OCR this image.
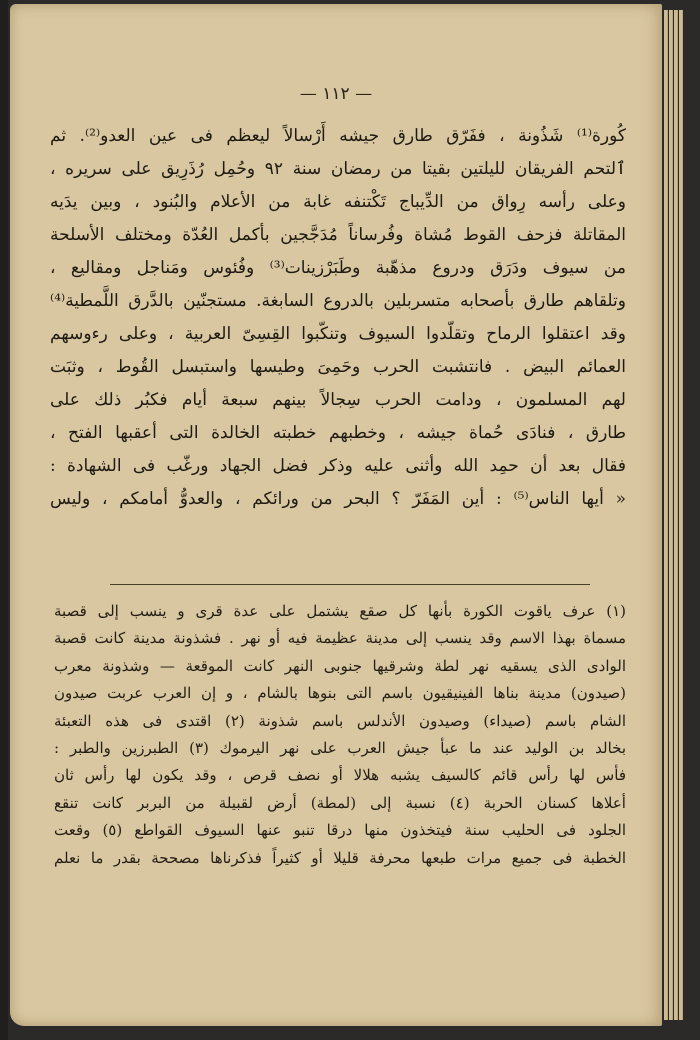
— ١١٢ —
كُورة⁽¹⁾ شَذُونة ، ففَرّق طارق جيشه أَرْسالاً ليعظم فى عين العدو⁽²⁾. ثم
ٱلتحم الفريقان لليلتين بقيتا من رمضان سنة ٩٢ وحُمِل رُذَرِيق على سريره ،
وعلى رأسه رِواق من الدِّيباج تَكْتنفه غابة من الأعلام والبُنود ، وبين يدَيه
المقاتلة فزحف القوط مُشاة وفُرساناً مُدَجَّجين بأكمل العُدّة ومختلف الأسلحة
من سيوف ودَرَق ودروع مذهّبة وطَبَرْزينات⁽³⁾ وفُئوس ومَناجل ومقاليع ،
وتلقاهم طارق بأصحابه متسربلين بالدروع السابغة. مستجنّين بالدَّرق اللَّمطية⁽⁴⁾
وقد اعتقلوا الرماح وتقلّدوا السيوف وتنكّبوا القِسِىّ العربية ، وعلى رءوسهم
العمائم البيض . فانتشبت الحرب وحَمِىَ وطيسها واستبسل القُوط ، وثبَت
لهم المسلمون ، ودامت الحرب سِجالاً بينهم سبعة أيام فكبُر ذلك على
طارق ، فنادَى حُماة جيشه ، وخطبهم خطبته الخالدة التى أعقبها الفتح ،
فقال بعد أن حمِد الله وأثنى عليه وذكر فضل الجهاد ورغّب فى الشهادة :
« أيها الناس⁽⁵⁾ : أين المَفَرّ ؟ البحر من ورائكم ، والعدوُّ أمامكم ، وليس
(١) عرف ياقوت الكورة بأنها كل صقع يشتمل على عدة قرى و ينسب إلى قصبة
مسماة بهذا الاسم وقد ينسب إلى مدينة عظيمة فيه أو نهر . فشذونة مدينة كانت قصبة
الوادى الذى يسقيه نهر لطة وشرقيها جنوبى النهر كانت الموقعة — وشذونة معرب
(صيدون) مدينة بناها الفينيقيون باسم التى بنوها بالشام ، و إن العرب عربت صيدون
الشام باسم (صيداء) وصيدون الأندلس باسم شذونة (٢) اقتدى فى هذه التعبئة
بخالد بن الوليد عند ما عبأ جيش العرب على نهر اليرموك (٣) الطبرزين والطبر :
فأس لها رأس قائم كالسيف يشبه هلالا أو نصف قرص ، وقد يكون لها رأس ثان
أعلاها كسنان الحربة (٤) نسبة إلى (لمطة) أرض لقبيلة من البربر كانت تنقع
الجلود فى الحليب سنة فيتخذون منها درقا تنبو عنها السيوف القواطع (٥) وقعت
الخطبة فى جميع مرات طبعها محرفة قليلا أو كثيراً فذكرناها مصححة بقدر ما نعلم
